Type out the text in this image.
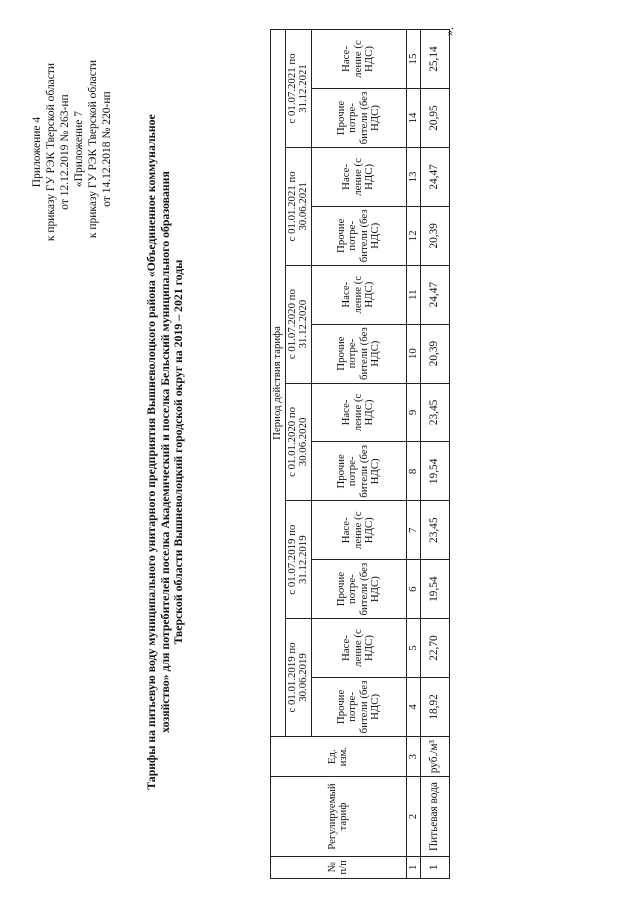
Приложение 4 к приказу ГУ РЭК Тверской области от 12.12.2019 № 263-нп «Приложение 7 к приказу ГУ РЭК Тверской области от 14.12.2018 № 220-нп	Тарифы на питьевую воду муниципального унитарного предприятия Вышневолоцкого района «Объединенное коммунальное хозяйство» для потребителей поселка Академический и поселка Бельский муниципального образования Тверской области Вышневолоцкий городской округ на 2019 – 2021 годы
№ п/п	Регулируемый тариф	Ед. изм.	Период действия тарифа											
			с 01.01.2019 по 30.06.2019		с 01.07.2019 по 31.12.2019		с 01.01.2020 по 30.06.2020		с 01.07.2020 по 31.12.2020		с 01.01.2021 по 30.06.2021		с 01.07.2021 по 31.12.2021	
			Прочие потре- бители (без НДС)	Насе- ление (с НДС)	Прочие потре- бители (без НДС)	Насе- ление (с НДС)	Прочие потре- бители (без НДС)	Насе- ление (с НДС)	Прочие потре- бители (без НДС)	Насе- ление (с НДС)	Прочие потре- бители (без НДС)	Насе- ление (с НДС)	Прочие потре- бители (без НДС)	Насе- ление (с НДС)
1	2	3	4	5	6	7	8	9	10	11	12	13	14	15
1	Питьевая вода	руб./м³	18,92	22,70	19,54	23,45	19,54	23,45	20,39	24,47	20,39	24,47	20,95	25,14
».
